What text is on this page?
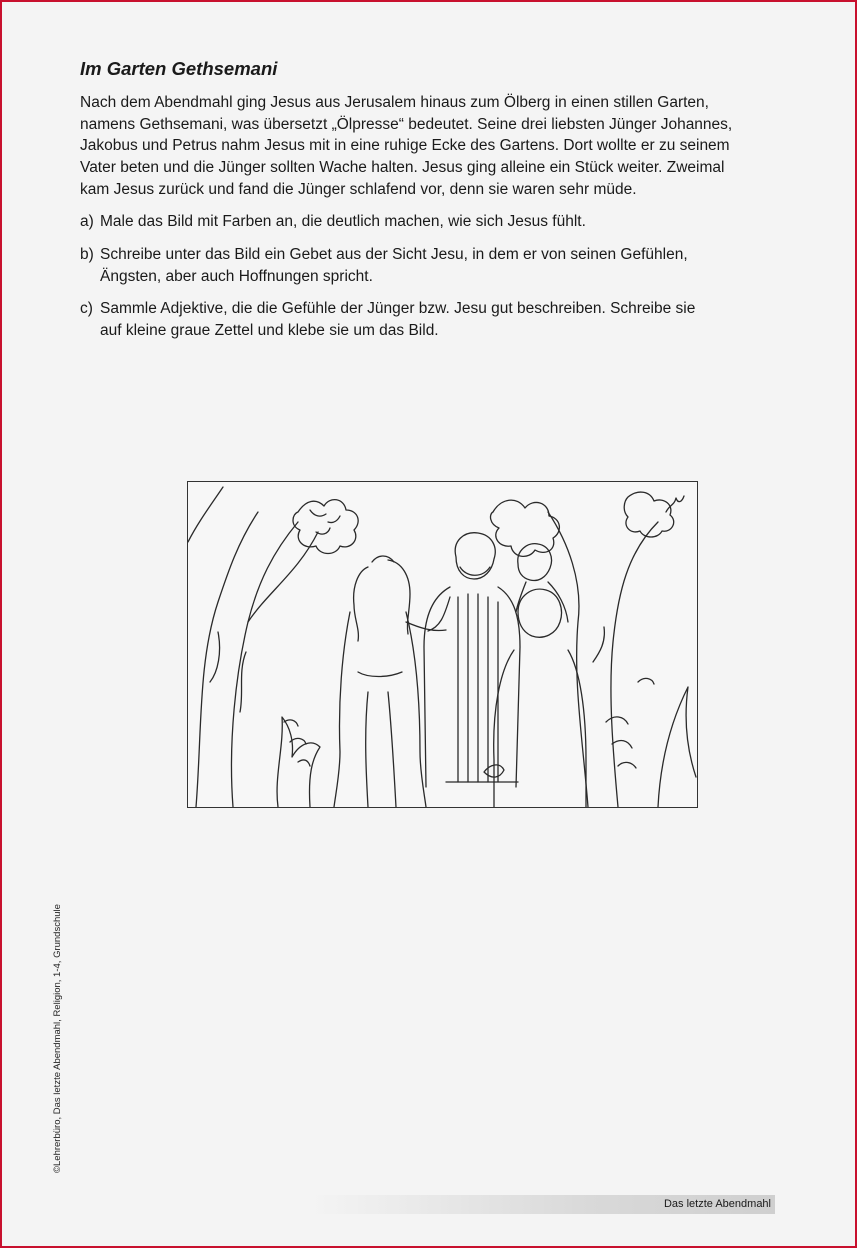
Im Garten Gethsemani

Nach dem Abendmahl ging Jesus aus Jerusalem hinaus zum Ölberg in einen stillen Garten,
namens Gethsemani, was übersetzt „Ölpresse“ bedeutet. Seine drei liebsten Jünger Johannes,
Jakobus und Petrus nahm Jesus mit in eine ruhige Ecke des Gartens. Dort wollte er zu seinem
Vater beten und die Jünger sollten Wache halten. Jesus ging alleine ein Stück weiter. Zweimal
kam Jesus zurück und fand die Jünger schlafend vor, denn sie waren sehr müde.

a) Male das Bild mit Farben an, die deutlich machen, wie sich Jesus fühlt.
b) Schreibe unter das Bild ein Gebet aus der Sicht Jesu, in dem er von seinen Gefühlen,
Ängsten, aber auch Hoffnungen spricht.
c) Sammle Adjektive, die die Gefühle der Jünger bzw. Jesu gut beschreiben. Schreibe sie
auf kleine graue Zettel und klebe sie um das Bild.
©Lehrerbüro, Das letzte Abendmahl, Religion, 1-4, Grundschule
Das letzte Abendmahl
